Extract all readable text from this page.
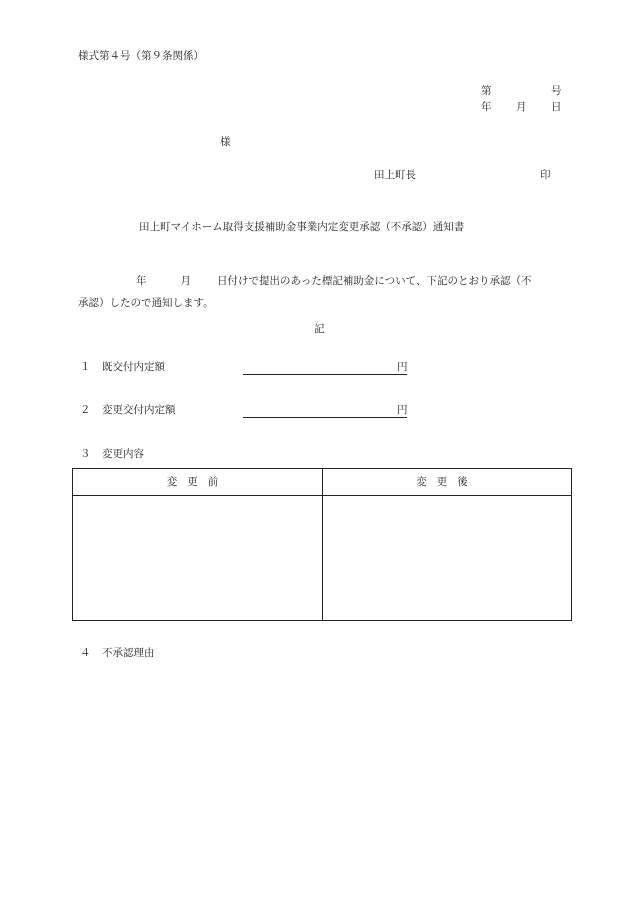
様式第４号（第９条関係）
第	号
年 月 日
様
田上町長	印
田上町マイホーム取得支援補助金事業内定変更承認（不承認）通知書
年	月 日付けで提出のあった標記補助金について、下記のとおり承認（不
承認）したので通知します。
記
１ 既交付内定額	円
２ 変更交付内定額	円
３ 変更内容
変更前	変更後
４ 不承認理由
